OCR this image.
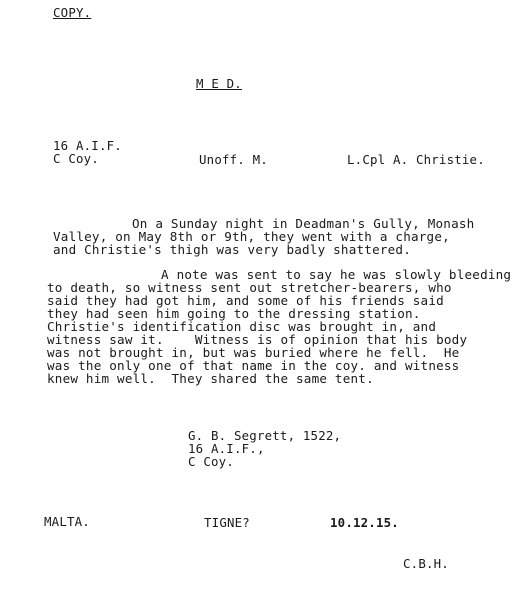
COPY.
M E D.
16 A.I.F.
C Coy.	Unoff. M.	L.Cpl A. Christie.
On a Sunday night in Deadman's Gully, Monash
Valley, on May 8th or 9th, they went with a charge,
and Christie's thigh was very badly shattered.
A note was sent to say he was slowly bleeding
to death, so witness sent out stretcher-bearers, who
said they had got him, and some of his friends said
they had seen him going to the dressing station.
Christie's identification disc was brought in, and
witness saw it.    Witness is of opinion that his body
was not brought in, but was buried where he fell.  He
was the only one of that name in the coy. and witness
knew him well.  They shared the same tent.
G. B. Segrett, 1522,
16 A.I.F.,
C Coy.
MALTA.	TIGNE?	10.12.15.
C.B.H.
